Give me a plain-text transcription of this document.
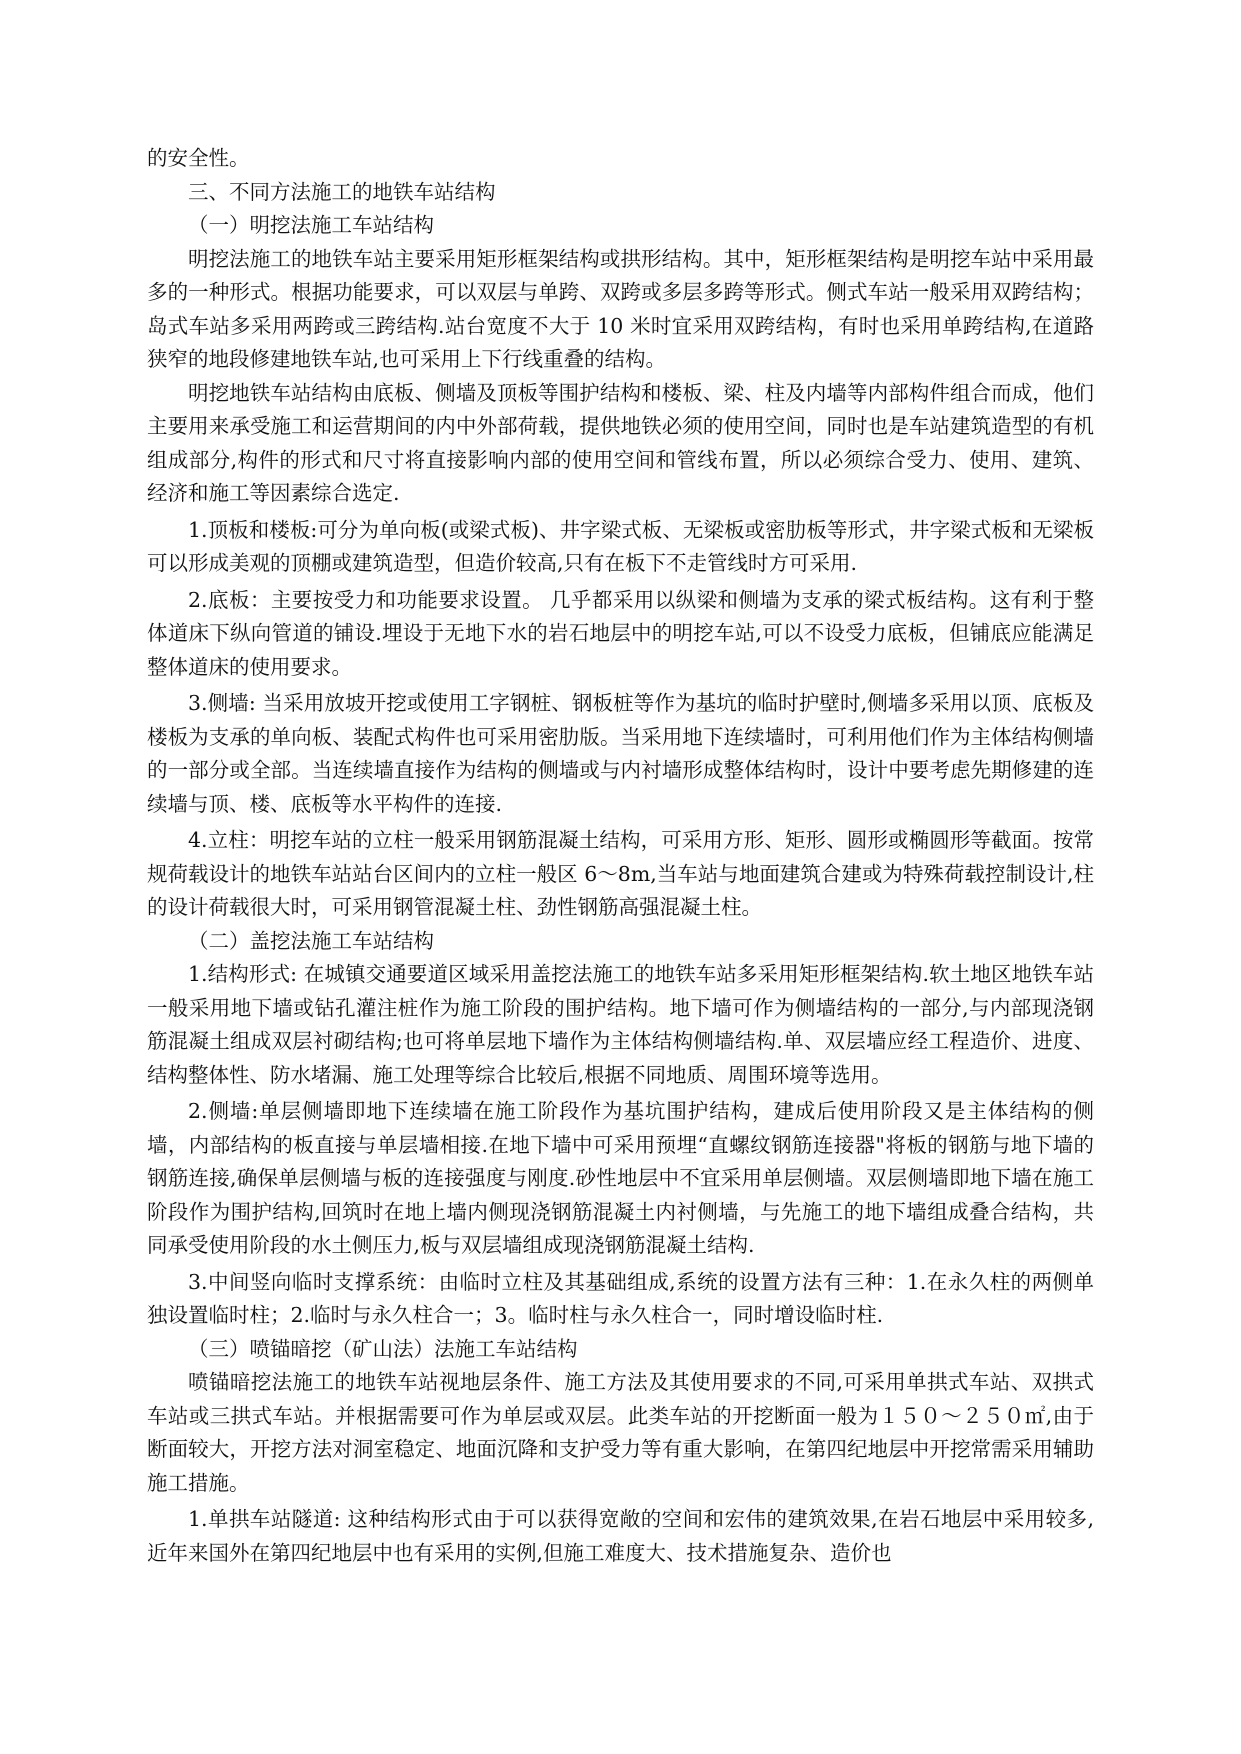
的安全性。

三、不同方法施工的地铁车站结构

（一）明挖法施工车站结构

明挖法施工的地铁车站主要采用矩形框架结构或拱形结构。其中，矩形框架结构是明挖车站中采用最多的一种形式。根据功能要求，可以双层与单跨、双跨或多层多跨等形式。侧式车站一般采用双跨结构；岛式车站多采用两跨或三跨结构.站台宽度不大于 10 米时宜采用双跨结构，有时也采用单跨结构,在道路狭窄的地段修建地铁车站,也可采用上下行线重叠的结构。

明挖地铁车站结构由底板、侧墙及顶板等围护结构和楼板、梁、柱及内墙等内部构件组合而成，他们主要用来承受施工和运营期间的内中外部荷载，提供地铁必须的使用空间，同时也是车站建筑造型的有机组成部分,构件的形式和尺寸将直接影响内部的使用空间和管线布置，所以必须综合受力、使用、建筑、经济和施工等因素综合选定.

1.顶板和楼板:可分为单向板(或梁式板)、井字梁式板、无梁板或密肋板等形式，井字梁式板和无梁板可以形成美观的顶棚或建筑造型，但造价较高,只有在板下不走管线时方可采用.

2.底板：主要按受力和功能要求设置。 几乎都采用以纵梁和侧墙为支承的梁式板结构。这有利于整体道床下纵向管道的铺设.埋设于无地下水的岩石地层中的明挖车站,可以不设受力底板，但铺底应能满足整体道床的使用要求。

3.侧墙: 当采用放坡开挖或使用工字钢桩、钢板桩等作为基坑的临时护壁时,侧墙多采用以顶、底板及楼板为支承的单向板、装配式构件也可采用密肋版。当采用地下连续墙时，可利用他们作为主体结构侧墙的一部分或全部。当连续墙直接作为结构的侧墙或与内衬墙形成整体结构时，设计中要考虑先期修建的连续墙与顶、楼、底板等水平构件的连接.

4.立柱：明挖车站的立柱一般采用钢筋混凝土结构，可采用方形、矩形、圆形或椭圆形等截面。按常规荷载设计的地铁车站站台区间内的立柱一般区 6～8m,当车站与地面建筑合建或为特殊荷载控制设计,柱的设计荷载很大时，可采用钢管混凝土柱、劲性钢筋高强混凝土柱。

（二）盖挖法施工车站结构

1.结构形式: 在城镇交通要道区域采用盖挖法施工的地铁车站多采用矩形框架结构.软土地区地铁车站一般采用地下墙或钻孔灌注桩作为施工阶段的围护结构。地下墙可作为侧墙结构的一部分,与内部现浇钢筋混凝土组成双层衬砌结构;也可将单层地下墙作为主体结构侧墙结构.单、双层墙应经工程造价、进度、结构整体性、防水堵漏、施工处理等综合比较后,根据不同地质、周围环境等选用。

2.侧墙:单层侧墙即地下连续墙在施工阶段作为基坑围护结构，建成后使用阶段又是主体结构的侧墙，内部结构的板直接与单层墙相接.在地下墙中可采用预埋“直螺纹钢筋连接器"将板的钢筋与地下墙的钢筋连接,确保单层侧墙与板的连接强度与刚度.砂性地层中不宜采用单层侧墙。双层侧墙即地下墙在施工阶段作为围护结构,回筑时在地上墙内侧现浇钢筋混凝土内衬侧墙，与先施工的地下墙组成叠合结构，共同承受使用阶段的水土侧压力,板与双层墙组成现浇钢筋混凝土结构.

3.中间竖向临时支撑系统：由临时立柱及其基础组成,系统的设置方法有三种：1.在永久柱的两侧单独设置临时柱；2.临时与永久柱合一；3。临时柱与永久柱合一，同时增设临时柱.

（三）喷锚暗挖（矿山法）法施工车站结构

喷锚暗挖法施工的地铁车站视地层条件、施工方法及其使用要求的不同,可采用单拱式车站、双拱式车站或三拱式车站。并根据需要可作为单层或双层。此类车站的开挖断面一般为１５０～２５０㎡,由于断面较大，开挖方法对洞室稳定、地面沉降和支护受力等有重大影响，在第四纪地层中开挖常需采用辅助施工措施。

1.单拱车站隧道: 这种结构形式由于可以获得宽敞的空间和宏伟的建筑效果,在岩石地层中采用较多,近年来国外在第四纪地层中也有采用的实例,但施工难度大、技术措施复杂、造价也
